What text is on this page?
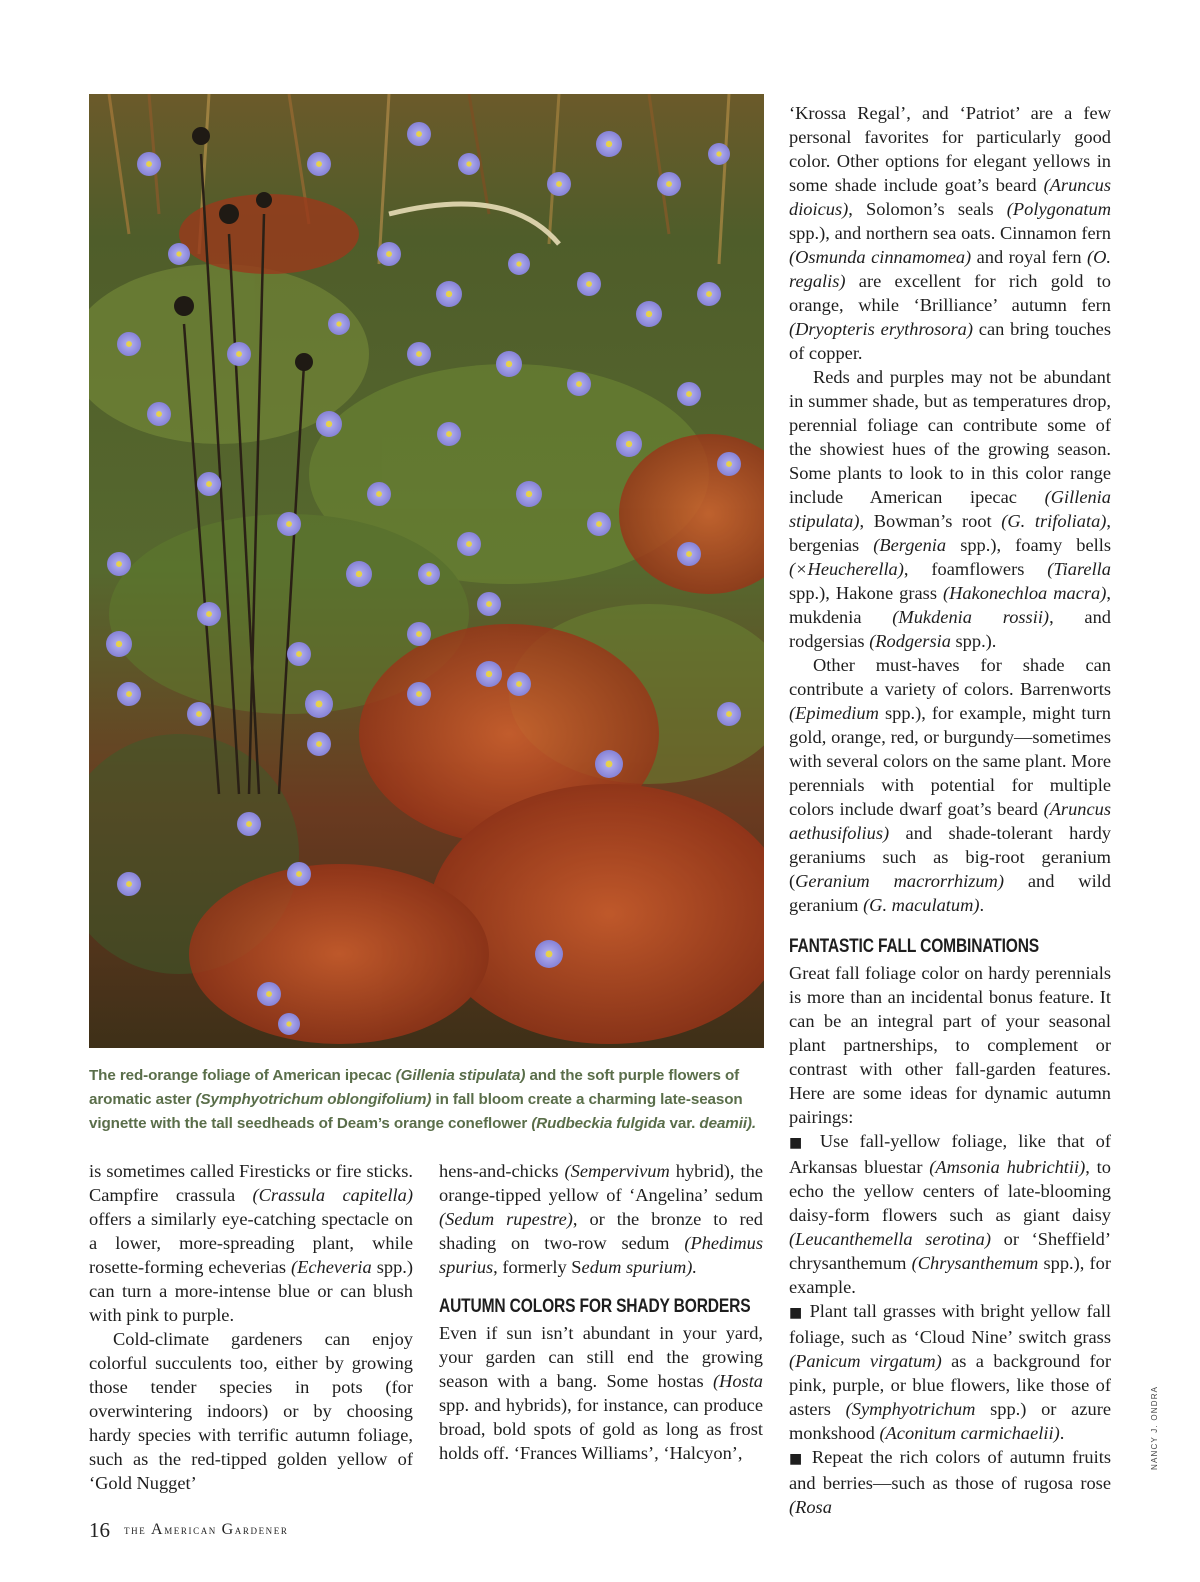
The red-orange foliage of American ipecac (Gillenia stipulata) and the soft purple flowers of aromatic aster (Symphyotrichum oblongifolium) in fall bloom create a charming late-season vignette with the tall seedheads of Deam’s orange coneflower (Rudbeckia fulgida var. deamii).

is sometimes called Firesticks or fire sticks. Campfire crassula (Crassula capitella) offers a similarly eye-catching spectacle on a lower, more-spreading plant, while rosette-forming echeverias (Echeveria spp.) can turn a more-intense blue or can blush with pink to purple.

Cold-climate gardeners can enjoy colorful succulents too, either by growing those tender species in pots (for overwintering indoors) or by choosing hardy species with terrific autumn foliage, such as the red-tipped golden yellow of ‘Gold Nugget’

hens-and-chicks (Sempervivum hybrid), the orange-tipped yellow of ‘Angelina’ sedum (Sedum rupestre), or the bronze to red shading on two-row sedum (Phedimus spurius, formerly Sedum spurium).

AUTUMN COLORS FOR SHADY BORDERS

Even if sun isn’t abundant in your yard, your garden can still end the growing season with a bang. Some hostas (Hosta spp. and hybrids), for instance, can produce broad, bold spots of gold as long as frost holds off. ‘Frances Williams’, ‘Halcyon’,

‘Krossa Regal’, and ‘Patriot’ are a few personal favorites for particularly good color. Other options for elegant yellows in some shade include goat’s beard (Aruncus dioicus), Solomon’s seals (Polygonatum spp.), and northern sea oats. Cinnamon fern (Osmunda cinnamomea) and royal fern (O. regalis) are excellent for rich gold to orange, while ‘Brilliance’ autumn fern (Dryopteris erythrosora) can bring touches of copper.

Reds and purples may not be abundant in summer shade, but as temperatures drop, perennial foliage can contribute some of the showiest hues of the growing season. Some plants to look to in this color range include American ipecac (Gillenia stipulata), Bowman’s root (G. trifoliata), bergenias (Bergenia spp.), foamy bells (×Heucherella), foamflowers (Tiarella spp.), Hakone grass (Hakonechloa macra), mukdenia (Mukdenia rossii), and rodgersias (Rodgersia spp.).

Other must-haves for shade can contribute a variety of colors. Barrenworts (Epimedium spp.), for example, might turn gold, orange, red, or burgundy—sometimes with several colors on the same plant. More perennials with potential for multiple colors include dwarf goat’s beard (Aruncus aethusifolius) and shade-tolerant hardy geraniums such as big-root geranium (Geranium macrorrhizum) and wild geranium (G. maculatum).

FANTASTIC FALL COMBINATIONS

Great fall foliage color on hardy perennials is more than an incidental bonus feature. It can be an integral part of your seasonal plant partnerships, to complement or contrast with other fall-garden features. Here are some ideas for dynamic autumn pairings:

■ Use fall-yellow foliage, like that of Arkansas bluestar (Amsonia hubrichtii), to echo the yellow centers of late-blooming daisy-form flowers such as giant daisy (Leucanthemella serotina) or ‘Sheffield’ chrysanthemum (Chrysanthemum spp.), for example.

■ Plant tall grasses with bright yellow fall foliage, such as ‘Cloud Nine’ switch grass (Panicum virgatum) as a background for pink, purple, or blue flowers, like those of asters (Symphyotrichum spp.) or azure monkshood (Aconitum carmichaelii).

■ Repeat the rich colors of autumn fruits and berries—such as those of rugosa rose (Rosa

NANCY J. ONDRA
16 the American Gardener
